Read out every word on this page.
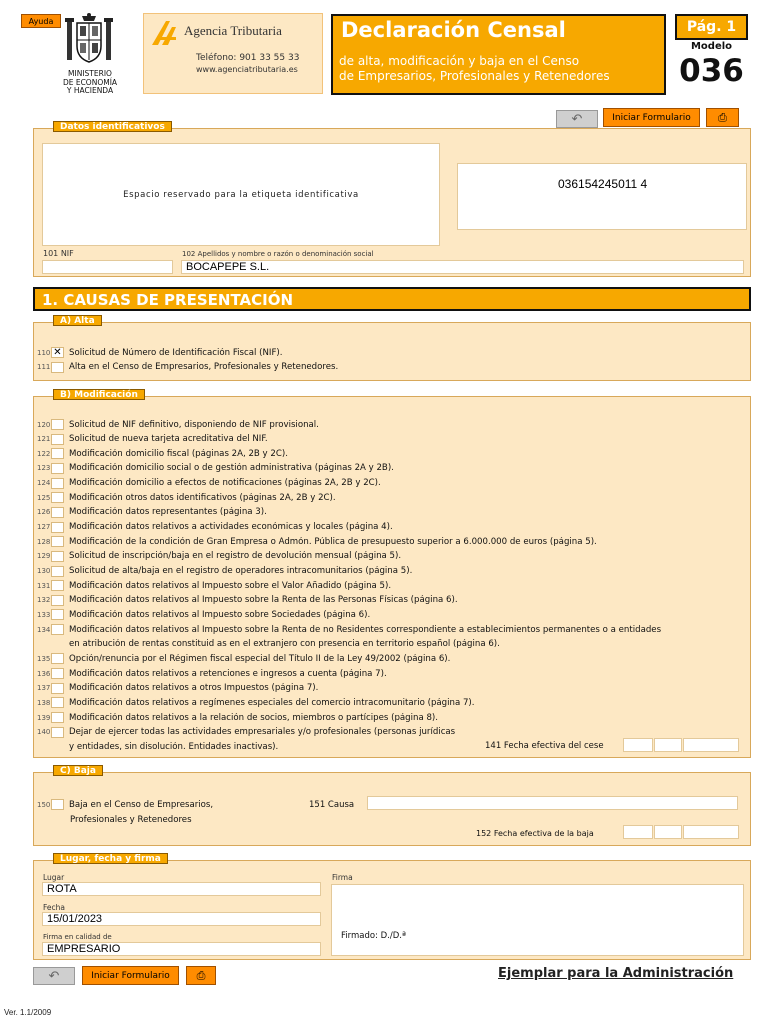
Ayuda
MINISTERIO
DE ECONOMÍA
Y HACIENDA
Agencia Tributaria
Teléfono: 901 33 55 33
www.agenciatributaria.es
Declaración Censal
de alta, modificación y baja en el Censo
de Empresarios, Profesionales y Retenedores
Pág. 1
Modelo
036
↶	Iniciar Formulario	⎙
Datos identificativos
Espacio reservado para la etiqueta identificativa
036154245011 4
101 NIF	102 Apellidos y nombre o razón o denominación social
BOCAPEPE S.L.
1. CAUSAS DE PRESENTACIÓN
A) Alta
110 ✕ Solicitud de Número de Identificación Fiscal (NIF).
111 Alta en el Censo de Empresarios, Profesionales y Retenedores.
B) Modificación
120 Solicitud de NIF definitivo, disponiendo de NIF provisional.
121 Solicitud de nueva tarjeta acreditativa del NIF.
122 Modificación domicilio fiscal (páginas 2A, 2B y 2C).
123 Modificación domicilio social o de gestión administrativa (páginas 2A y 2B).
124 Modificación domicilio a efectos de notificaciones (páginas 2A, 2B y 2C).
125 Modificación otros datos identificativos (páginas 2A, 2B y 2C).
126 Modificación datos representantes (página 3).
127 Modificación datos relativos a actividades económicas y locales (página 4).
128 Modificación de la condición de Gran Empresa o Admón. Pública de presupuesto superior a 6.000.000 de euros (página 5).
129 Solicitud de inscripción/baja en el registro de devolución mensual (página 5).
130 Solicitud de alta/baja en el registro de operadores intracomunitarios (página 5).
131 Modificación datos relativos al Impuesto sobre el Valor Añadido (página 5).
132 Modificación datos relativos al Impuesto sobre la Renta de las Personas Físicas (página 6).
133 Modificación datos relativos al Impuesto sobre Sociedades (página 6).
134 Modificación datos relativos al Impuesto sobre la Renta de no Residentes correspondiente a establecimientos permanentes o a entidades
en atribución de rentas constituid as en el extranjero con presencia en territorio español (página 6).
135 Opción/renuncia por el Régimen fiscal especial del Título II de la Ley 49/2002 (página 6).
136 Modificación datos relativos a retenciones e ingresos a cuenta (página 7).
137 Modificación datos relativos a otros Impuestos (página 7).
138 Modificación datos relativos a regímenes especiales del comercio intracomunitario (página 7).
139 Modificación datos relativos a la relación de socios, miembros o partícipes (página 8).
140 Dejar de ejercer todas las actividades empresariales y/o profesionales (personas jurídicas
y entidades, sin disolución. Entidades inactivas).	141 Fecha efectiva del cese
C) Baja
150 Baja en el Censo de Empresarios,
Profesionales y Retenedores
151 Causa
152 Fecha efectiva de la baja
Lugar, fecha y firma
Lugar
ROTA
Fecha
15/01/2023
Firma en calidad de
EMPRESARIO
Firma
Firmado: D./D.ª
↶	Iniciar Formulario	⎙	Ejemplar para la Administración
Ver. 1.1/2009
